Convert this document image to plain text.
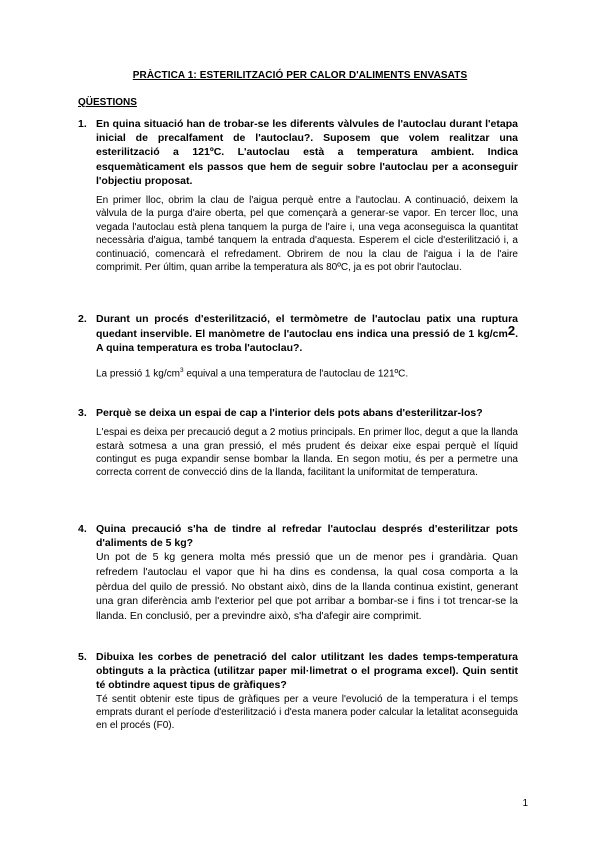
PRÀCTICA 1: ESTERILITZACIÓ PER CALOR D'ALIMENTS ENVASATS
QÜESTIONS
1. En quina situació han de trobar-se les diferents vàlvules de l'autoclau durant l'etapa inicial de precalfament de l'autoclau?. Suposem que volem realitzar una esterilització a 121ºC. L'autoclau està a temperatura ambient. Indica esquemàticament els passos que hem de seguir sobre l'autoclau per a aconseguir l'objectiu proposat.
En primer lloc, obrim la clau de l'aigua perquè entre a l'autoclau. A continuació, deixem la vàlvula de la purga d'aire oberta, pel que començarà a generar-se vapor. En tercer lloc, una vegada l'autoclau està plena tanquem la purga de l'aire i, una vega aconseguisca la quantitat necessària d'aigua, també tanquem la entrada d'aquesta. Esperem el cicle d'esterilització i, a continuació, comencarà el refredament. Obrirem de nou la clau de l'aigua i la de l'aire comprimit. Per últim, quan arribe la temperatura als 80ºC, ja es pot obrir l'autoclau.
2. Durant un procés d'esterilització, el termòmetre de l'autoclau patix una ruptura quedant inservible. El manòmetre de l'autoclau ens indica una pressió de 1 $kg/cm^2$. A quina temperatura es troba l'autoclau?.
La pressió 1 $kg/cm^3$ equival a una temperatura de l'autoclau de 121ºC.
3. Perquè se deixa un espai de cap a l'interior dels pots abans d'esterilitzar-los?
L'espai es deixa per precaució degut a 2 motius principals. En primer lloc, degut a que la llanda estarà sotmesa a una gran pressió, el més prudent és deixar eixe espai perquè el líquid contingut es puga expandir sense bombar la llanda. En segon motiu, és per a permetre una correcta corrent de convecció dins de la llanda, facilitant la uniformitat de temperatura.
4. Quina precaució s'ha de tindre al refredar l'autoclau després d'esterilitzar pots d'aliments de 5 kg?
Un pot de 5 kg genera molta més pressió que un de menor pes i grandària. Quan refredem l'autoclau el vapor que hi ha dins es condensa, la qual cosa comporta a la pèrdua del quilo de pressió. No obstant això, dins de la llanda continua existint, generant una gran diferència amb l'exterior pel que pot arribar a bombar-se i fins i tot trencar-se la llanda. En conclusió, per a previndre això, s'ha d'afegir aire comprimit.
5. Dibuixa les corbes de penetració del calor utilitzant les dades temps-temperatura obtinguts a la pràctica (utilitzar paper mil·limetrat o el programa excel). Quin sentit té obtindre aquest tipus de gràfiques?
Té sentit obtenir este tipus de gràfiques per a veure l'evolució de la temperatura i el temps emprats durant el període d'esterilització i d'esta manera poder calcular la letalitat aconseguida en el procés (F0).
1
